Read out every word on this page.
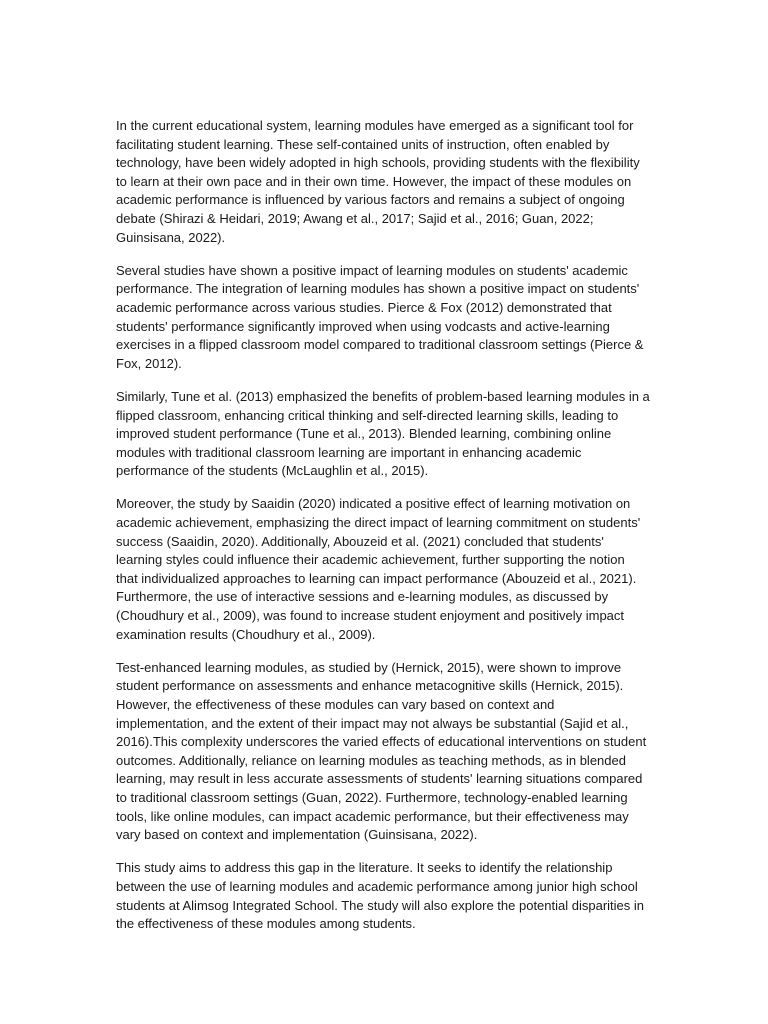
In the current educational system, learning modules have emerged as a significant tool for
facilitating student learning. These self-contained units of instruction, often enabled by
technology, have been widely adopted in high schools, providing students with the flexibility
to learn at their own pace and in their own time. However, the impact of these modules on
academic performance is influenced by various factors and remains a subject of ongoing
debate (Shirazi & Heidari, 2019; Awang et al., 2017; Sajid et al., 2016; Guan, 2022;
Guinsisana, 2022).

Several studies have shown a positive impact of learning modules on students' academic
performance. The integration of learning modules has shown a positive impact on students'
academic performance across various studies. Pierce & Fox (2012) demonstrated that
students' performance significantly improved when using vodcasts and active-learning
exercises in a flipped classroom model compared to traditional classroom settings (Pierce &
Fox, 2012).

Similarly, Tune et al. (2013) emphasized the benefits of problem-based learning modules in a
flipped classroom, enhancing critical thinking and self-directed learning skills, leading to
improved student performance (Tune et al., 2013). Blended learning, combining online
modules with traditional classroom learning are important in enhancing academic
performance of the students (McLaughlin et al., 2015).

Moreover, the study by Saaidin (2020) indicated a positive effect of learning motivation on
academic achievement, emphasizing the direct impact of learning commitment on students'
success (Saaidin, 2020). Additionally, Abouzeid et al. (2021) concluded that students'
learning styles could influence their academic achievement, further supporting the notion
that individualized approaches to learning can impact performance (Abouzeid et al., 2021).
Furthermore, the use of interactive sessions and e-learning modules, as discussed by
(Choudhury et al., 2009), was found to increase student enjoyment and positively impact
examination results (Choudhury et al., 2009).

Test-enhanced learning modules, as studied by (Hernick, 2015), were shown to improve
student performance on assessments and enhance metacognitive skills (Hernick, 2015).
However, the effectiveness of these modules can vary based on context and
implementation, and the extent of their impact may not always be substantial (Sajid et al.,
2016).This complexity underscores the varied effects of educational interventions on student
outcomes. Additionally, reliance on learning modules as teaching methods, as in blended
learning, may result in less accurate assessments of students' learning situations compared
to traditional classroom settings (Guan, 2022). Furthermore, technology-enabled learning
tools, like online modules, can impact academic performance, but their effectiveness may
vary based on context and implementation (Guinsisana, 2022).

This study aims to address this gap in the literature. It seeks to identify the relationship
between the use of learning modules and academic performance among junior high school
students at Alimsog Integrated School. The study will also explore the potential disparities in
the effectiveness of these modules among students.
